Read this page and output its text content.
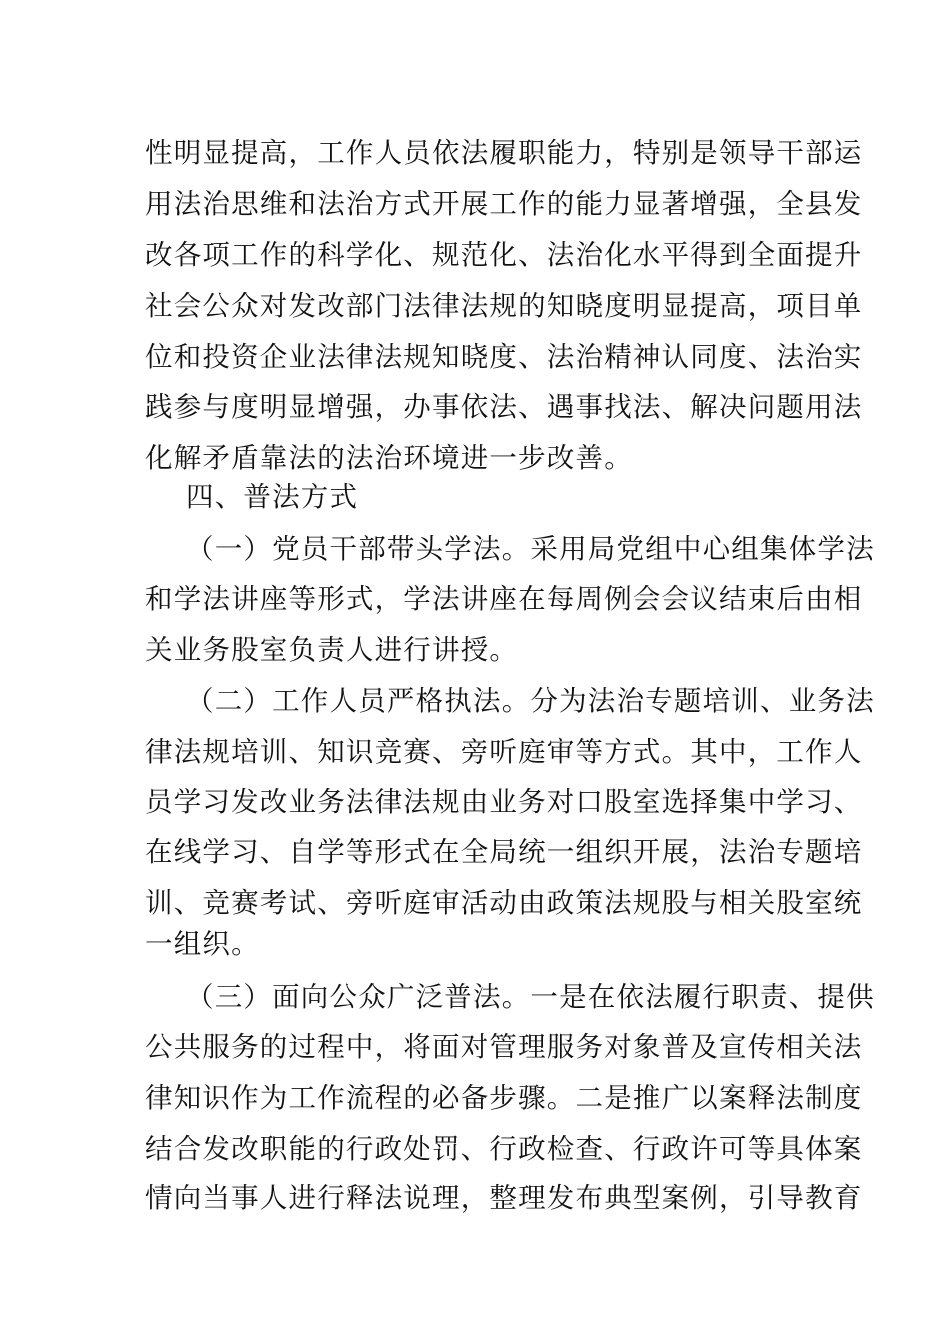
性明显提高，工作人员依法履职能力，特别是领导干部运
用法治思维和法治方式开展工作的能力显著增强，全县发
改各项工作的科学化、规范化、法治化水平得到全面提升
社会公众对发改部门法律法规的知晓度明显提高，项目单
位和投资企业法律法规知晓度、法治精神认同度、法治实
践参与度明显增强，办事依法、遇事找法、解决问题用法
化解矛盾靠法的法治环境进一步改善。
四、普法方式
（一）党员干部带头学法。采用局党组中心组集体学法
和学法讲座等形式，学法讲座在每周例会会议结束后由相
关业务股室负责人进行讲授。
（二）工作人员严格执法。分为法治专题培训、业务法
律法规培训、知识竞赛、旁听庭审等方式。其中，工作人
员学习发改业务法律法规由业务对口股室选择集中学习、
在线学习、自学等形式在全局统一组织开展，法治专题培
训、竞赛考试、旁听庭审活动由政策法规股与相关股室统
一组织。
（三）面向公众广泛普法。一是在依法履行职责、提供
公共服务的过程中，将面对管理服务对象普及宣传相关法
律知识作为工作流程的必备步骤。二是推广以案释法制度
结合发改职能的行政处罚、行政检查、行政许可等具体案
情向当事人进行释法说理，整理发布典型案例，引导教育
